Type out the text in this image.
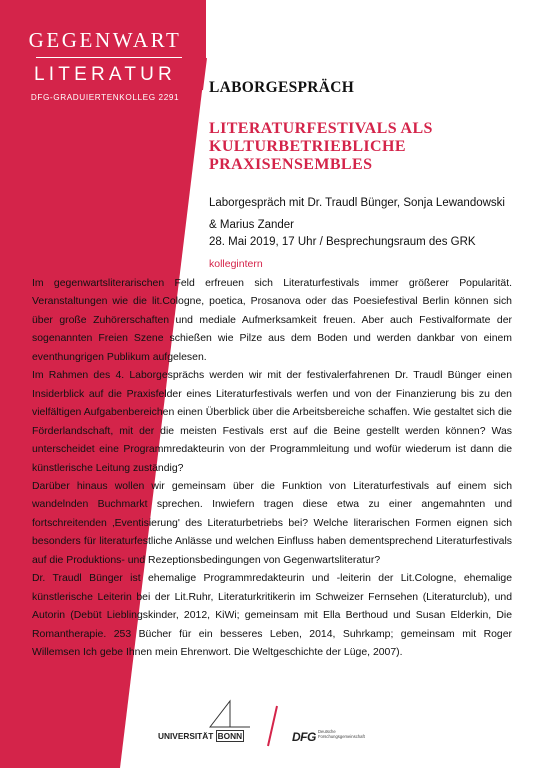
GEGENWART
LITERATUR
DFG-GRADUIERTENKOLLEG 2291
LABORGESPRÄCH
LITERATURFESTIVALS ALS KULTURBETRIEBLICHE PRAXISENSEMBLES
Laborgespräch mit Dr. Traudl Bünger, Sonja Lewandowski & Marius Zander
28. Mai 2019, 17 Uhr / Besprechungsraum des GRK
kollegintern

Im gegenwartsliterarischen Feld erfreuen sich Literaturfestivals immer größerer Popularität. Veranstaltungen wie die lit.Cologne, poetica, Prosanova oder das Poesiefestival Berlin können sich über große Zuhörerschaften und mediale Aufmerksamkeit freuen. Aber auch Festivalformate der sogenannten Freien Szene schießen wie Pilze aus dem Boden und werden dankbar von einem eventhungrigen Publikum aufgelesen.

Im Rahmen des 4. Laborgesprächs werden wir mit der festivalerfahrenen Dr. Traudl Bünger einen Insiderblick auf die Praxisfelder eines Literaturfestivals werfen und von der Finanzierung bis zu den vielfältigen Aufgabenbereichen einen Überblick über die Arbeitsbereiche schaffen. Wie gestaltet sich die Förderlandschaft, mit der die meisten Festivals erst auf die Beine gestellt werden können? Was unterscheidet eine Programmredakteurin von der Programmleitung und wofür wiederum ist dann die künstlerische Leitung zuständig?

Darüber hinaus wollen wir gemeinsam über die Funktion von Literaturfestivals auf einem sich wandelnden Buchmarkt sprechen. Inwiefern tragen diese etwa zu einer angemahnten und fortschreitenden ‚Eventisierung' des Literaturbetriebs bei? Welche literarischen Formen eignen sich besonders für literaturfestliche Anlässe und welchen Einfluss haben dementsprechend Literaturfestivals auf die Produktions- und Rezeptionsbedingungen von Gegenwartsliteratur?

Dr. Traudl Bünger ist ehemalige Programmredakteurin und -leiterin der Lit.Cologne, ehemalige künstlerische Leiterin bei der Lit.Ruhr, Literaturkritikerin im Schweizer Fernsehen (Literaturclub), und Autorin (Debüt Lieblingskinder, 2012, KiWi; gemeinsam mit Ella Berthoud und Susan Elderkin, Die Romantherapie. 253 Bücher für ein besseres Leben, 2014, Suhrkamp; gemeinsam mit Roger Willemsen Ich gebe Ihnen mein Ehrenwort. Die Weltgeschichte der Lüge, 2007).

UNIVERSITÄT BONN	DFG Deutsche Forschungsgemeinschaft
